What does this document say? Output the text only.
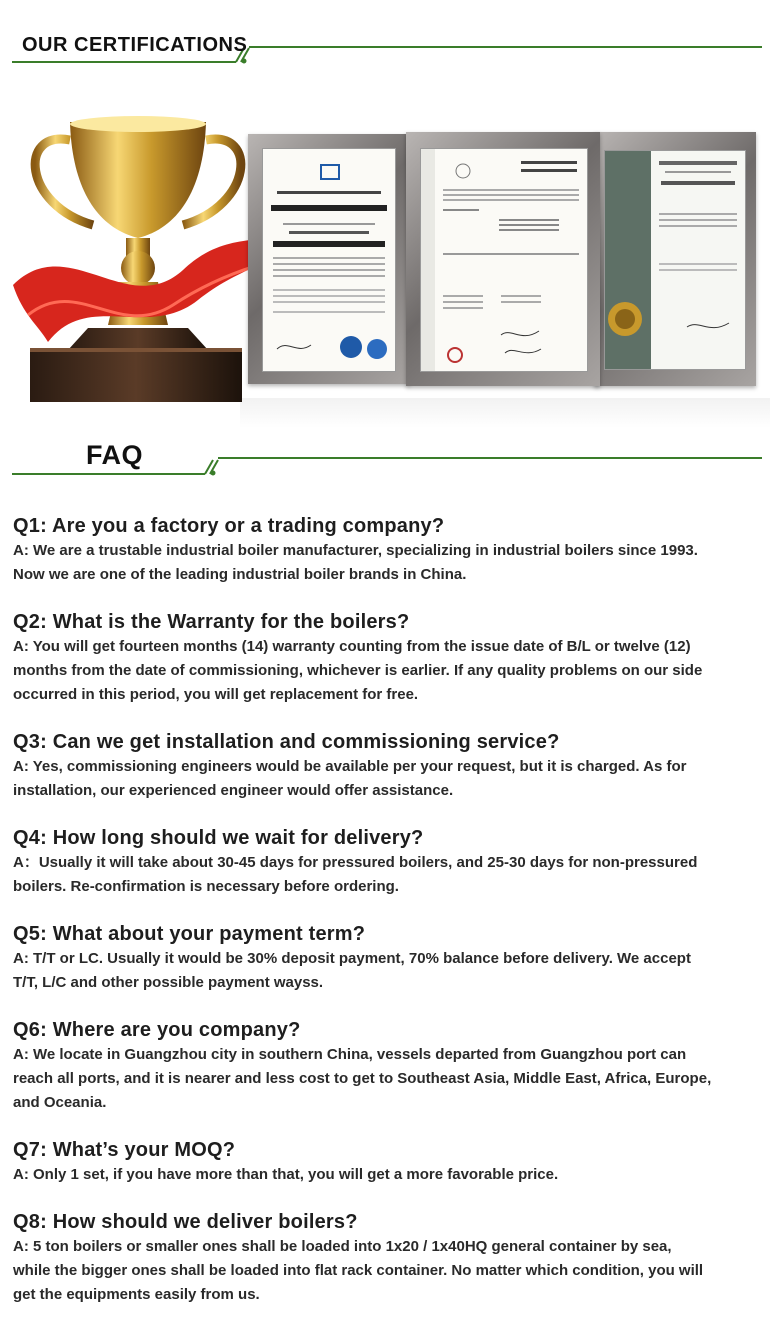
OUR CERTIFICATIONS
FAQ

Q1: Are you a factory or a trading company?

A: We are a trustable industrial boiler manufacturer, specializing in industrial boilers since 1993. Now we are one of the leading industrial boiler brands in China.

Q2: What is the Warranty for the boilers?

A: You will get fourteen months (14) warranty counting from the issue date of B/L or twelve (12) months from the date of commissioning, whichever is earlier. If any quality problems on our side occurred in this period, you will get replacement for free.

Q3: Can we get installation and commissioning service?

A: Yes, commissioning engineers would be available per your request, but it is charged. As for installation, our experienced engineer would offer assistance.

Q4: How long should we wait for delivery?

A：Usually it will take about 30-45 days for pressured boilers, and 25-30 days for non-pressured boilers. Re-confirmation is necessary before ordering.

Q5: What about your payment term?

A: T/T or LC. Usually it would be 30% deposit payment, 70% balance before delivery. We accept T/T, L/C and other possible payment wayss.

Q6: Where are you company?

A: We locate in Guangzhou city in southern China, vessels departed from Guangzhou port can reach all ports, and it is nearer and less cost to get to Southeast Asia, Middle East, Africa, Europe, and Oceania.

Q7: What’s your MOQ?

A: Only 1 set, if you have more than that, you will get a more favorable price.

Q8: How should we deliver boilers?

A: 5 ton boilers or smaller ones shall be loaded into 1x20 / 1x40HQ general container by sea, while the bigger ones shall be loaded into flat rack container. No matter which condition, you will get the equipments easily from us.
